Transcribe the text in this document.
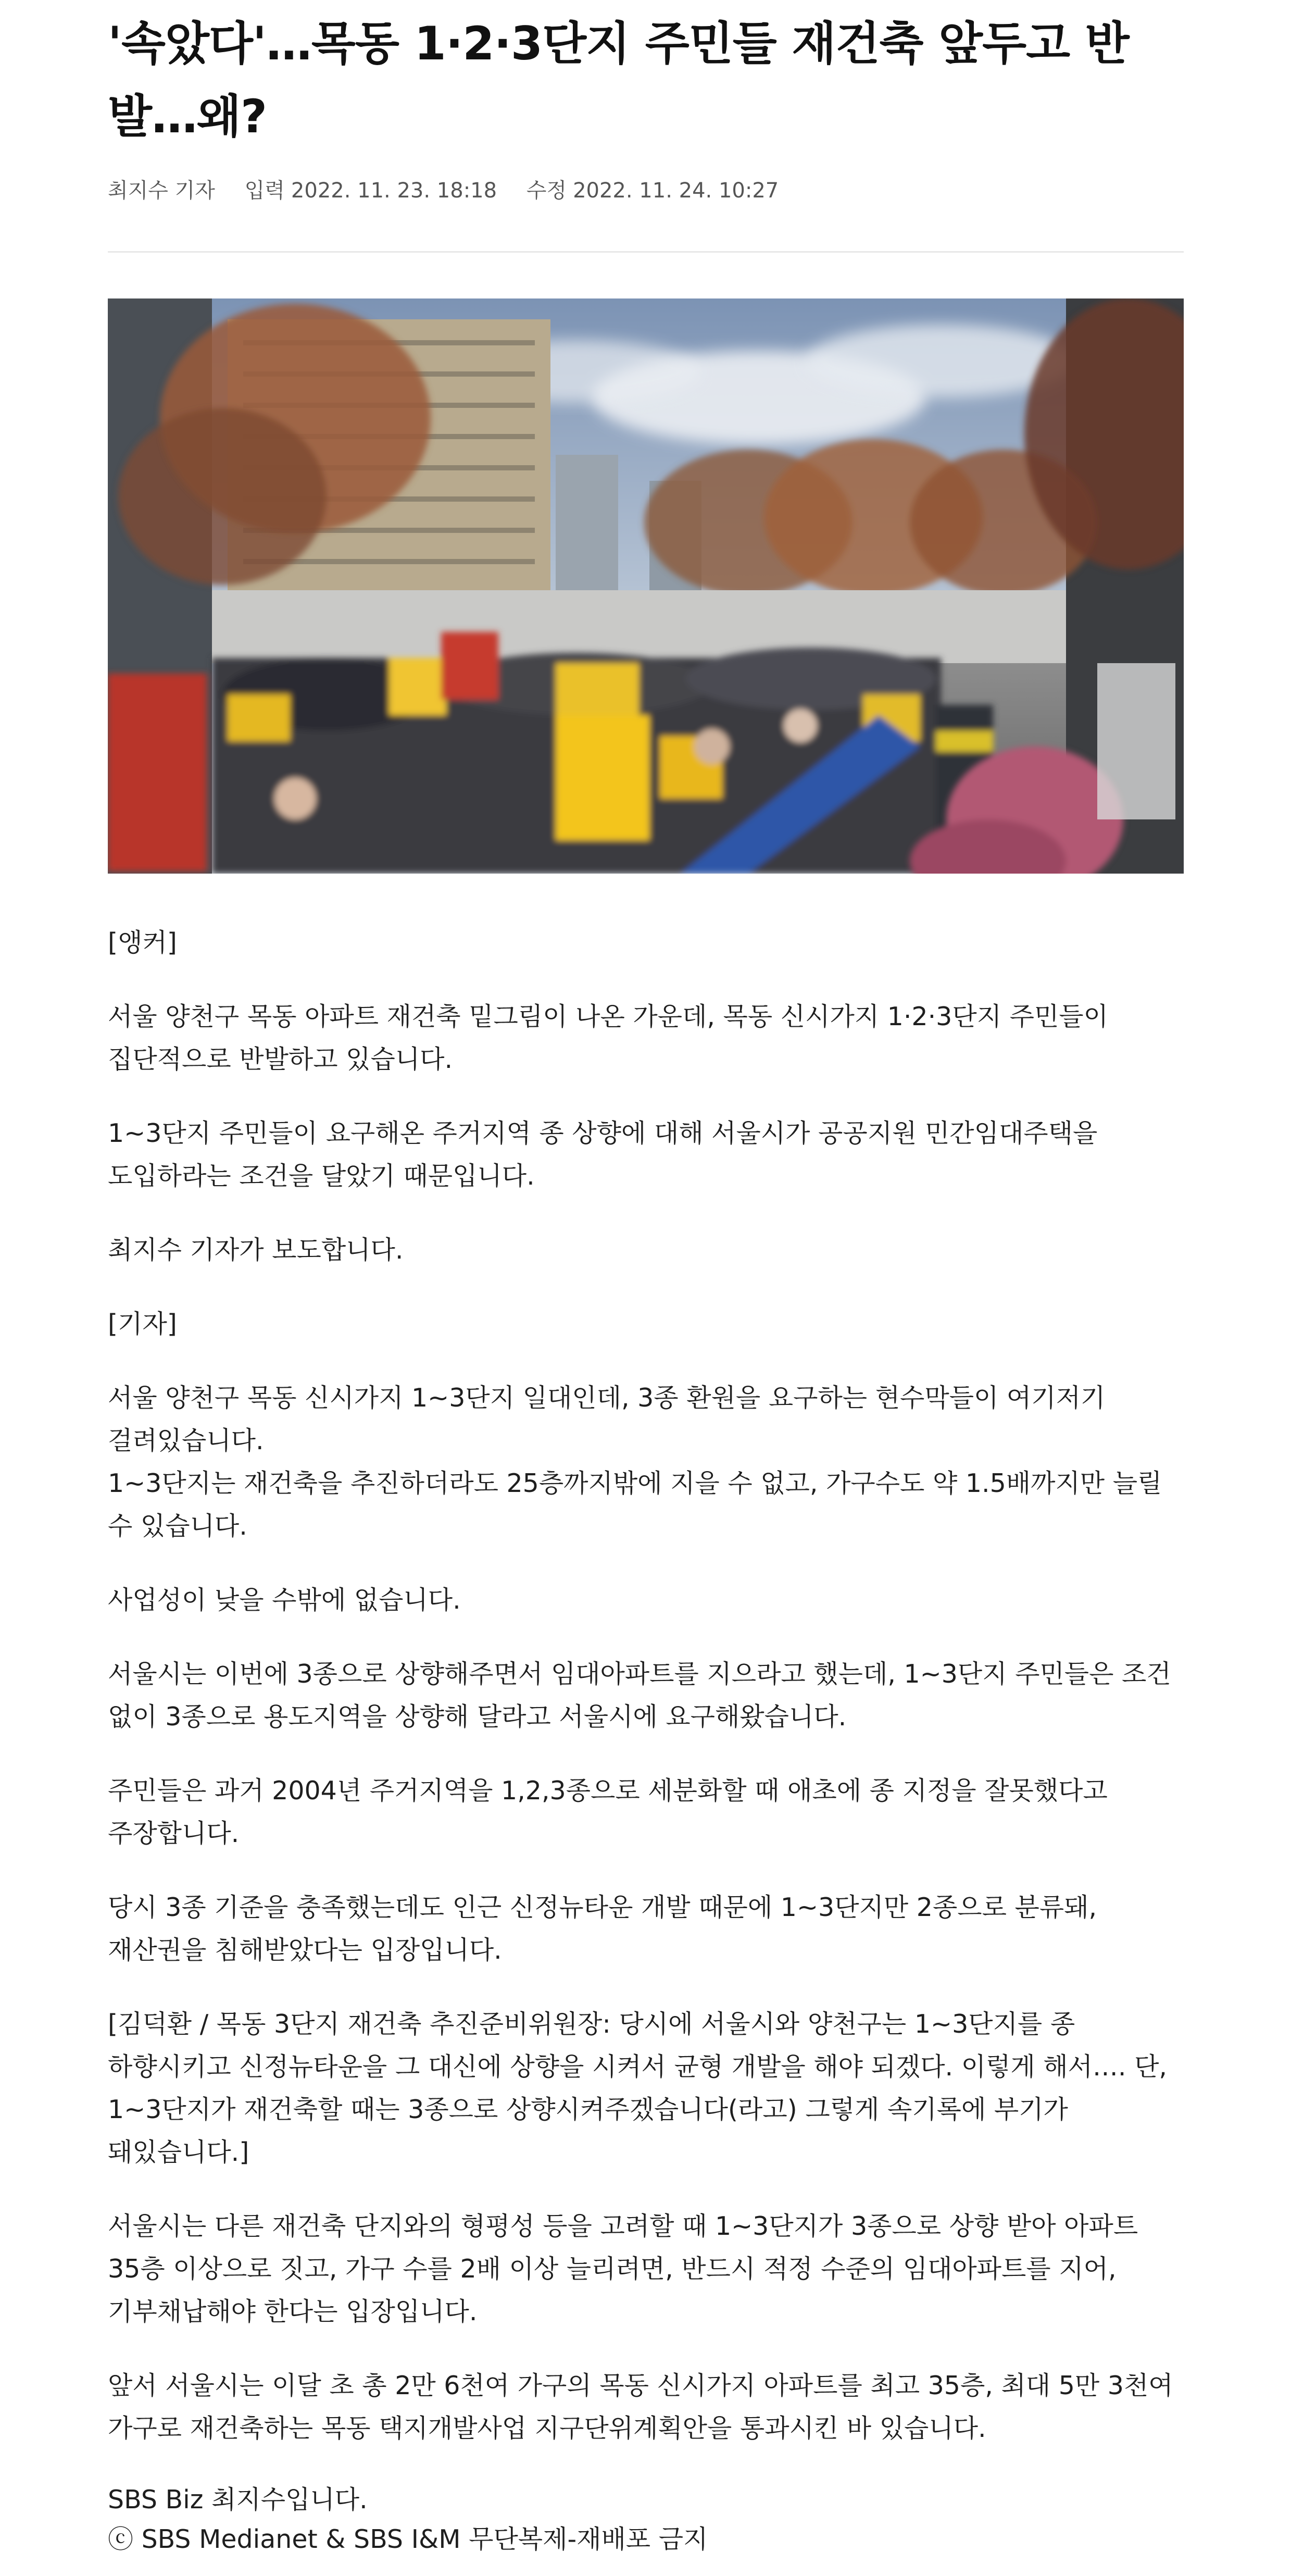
'속았다'…목동 1·2·3단지 주민들 재건축 앞두고 반발…왜?
최지수 기자 입력 2022. 11. 23. 18:18 수정 2022. 11. 24. 10:27

[앵커]

서울 양천구 목동 아파트 재건축 밑그림이 나온 가운데, 목동 신시가지 1·2·3단지 주민들이 집단적으로 반발하고 있습니다.

1~3단지 주민들이 요구해온 주거지역 종 상향에 대해 서울시가 공공지원 민간임대주택을 도입하라는 조건을 달았기 때문입니다.

최지수 기자가 보도합니다.

[기자]

서울 양천구 목동 신시가지 1~3단지 일대인데, 3종 환원을 요구하는 현수막들이 여기저기 걸려있습니다.

1~3단지는 재건축을 추진하더라도 25층까지밖에 지을 수 없고, 가구수도 약 1.5배까지만 늘릴 수 있습니다.

사업성이 낮을 수밖에 없습니다.

서울시는 이번에 3종으로 상향해주면서 임대아파트를 지으라고 했는데, 1~3단지 주민들은 조건 없이 3종으로 용도지역을 상향해 달라고 서울시에 요구해왔습니다.

주민들은 과거 2004년 주거지역을 1,2,3종으로 세분화할 때 애초에 종 지정을 잘못했다고 주장합니다.

당시 3종 기준을 충족했는데도 인근 신정뉴타운 개발 때문에 1~3단지만 2종으로 분류돼, 재산권을 침해받았다는 입장입니다.

[김덕환 / 목동 3단지 재건축 추진준비위원장: 당시에 서울시와 양천구는 1~3단지를 종 하향시키고 신정뉴타운을 그 대신에 상향을 시켜서 균형 개발을 해야 되겠다. 이렇게 해서…. 단, 1~3단지가 재건축할 때는 3종으로 상향시켜주겠습니다(라고) 그렇게 속기록에 부기가 돼있습니다.]

서울시는 다른 재건축 단지와의 형평성 등을 고려할 때 1~3단지가 3종으로 상향 받아 아파트 35층 이상으로 짓고, 가구 수를 2배 이상 늘리려면, 반드시 적정 수준의 임대아파트를 지어, 기부채납해야 한다는 입장입니다.

앞서 서울시는 이달 초 총 2만 6천여 가구의 목동 신시가지 아파트를 최고 35층, 최대 5만 3천여 가구로 재건축하는 목동 택지개발사업 지구단위계획안을 통과시킨 바 있습니다.

SBS Biz 최지수입니다.
ⓒ SBS Medianet & SBS I&M 무단복제-재배포 금지
